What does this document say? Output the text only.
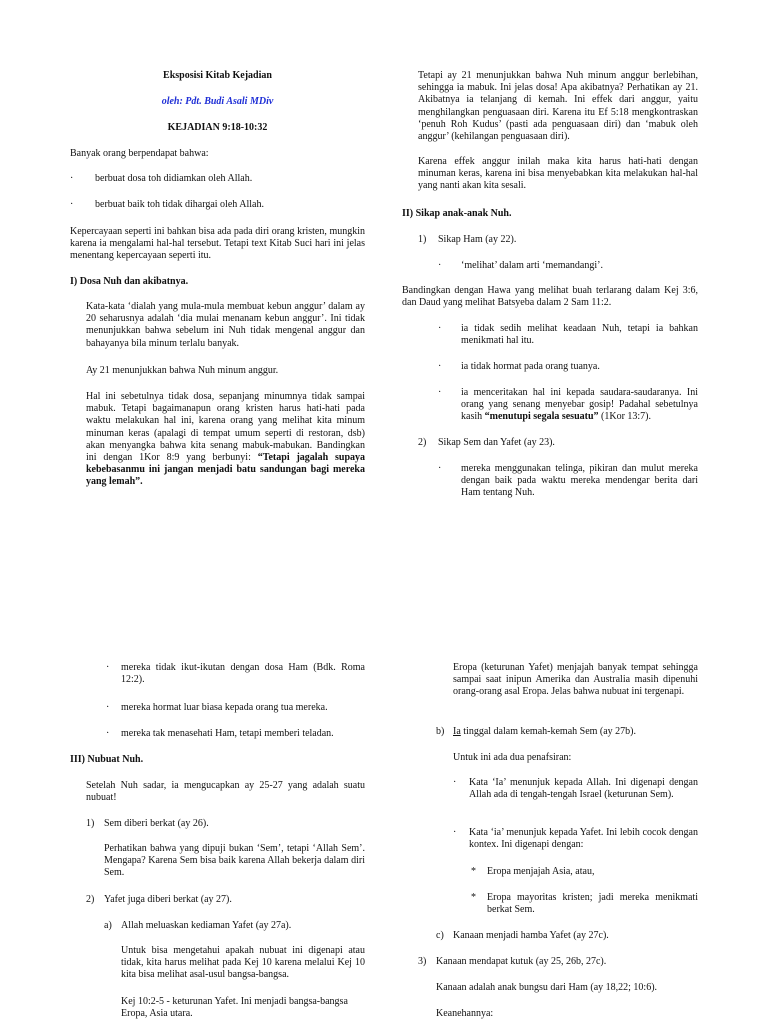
Eksposisi Kitab Kejadian
oleh: Pdt. Budi Asali MDiv
KEJADIAN 9:18-10:32
Banyak orang berpendapat bahwa:
· berbuat dosa toh didiamkan oleh Allah.
· berbuat baik toh tidak dihargai oleh Allah.
Kepercayaan seperti ini bahkan bisa ada pada diri orang kristen, mungkin karena ia mengalami hal-hal tersebut. Tetapi text Kitab Suci hari ini jelas menentang kepercayaan seperti itu.
I) Dosa Nuh dan akibatnya.
Kata-kata ‘dialah yang mula-mula membuat kebun anggur’ dalam ay 20 seharusnya adalah ‘dia mulai menanam kebun anggur’. Ini tidak menunjukkan bahwa sebelum ini Nuh tidak mengenal anggur dan bahayanya bila minum terlalu banyak.
Ay 21 menunjukkan bahwa Nuh minum anggur.
Hal ini sebetulnya tidak dosa, sepanjang minumnya tidak sampai mabuk. Tetapi bagaimanapun orang kristen harus hati-hati pada waktu melakukan hal ini, karena orang yang melihat kita minum minuman keras (apalagi di tempat umum seperti di restoran, dsb) akan menyangka bahwa kita senang mabuk-mabukan. Bandingkan ini dengan 1Kor 8:9 yang berbunyi: “Tetapi jagalah supaya kebebasanmu ini jangan menjadi batu sandungan bagi mereka yang lemah”.
Tetapi ay 21 menunjukkan bahwa Nuh minum anggur berlebihan, sehingga ia mabuk. Ini jelas dosa! Apa akibatnya? Perhatikan ay 21. Akibatnya ia telanjang di kemah. Ini effek dari anggur, yaitu menghilangkan penguasaan diri. Karena itu Ef 5:18 mengkontraskan ‘penuh Roh Kudus’ (pasti ada penguasaan diri) dan ‘mabuk oleh anggur’ (kehilangan penguasaan diri).
Karena effek anggur inilah maka kita harus hati-hati dengan minuman keras, karena ini bisa menyebabkan kita melakukan hal-hal yang nanti akan kita sesali.
II) Sikap anak-anak Nuh.
1) Sikap Ham (ay 22).
· ‘melihat’ dalam arti ‘memandangi’.
Bandingkan dengan Hawa yang melihat buah terlarang dalam Kej 3:6, dan Daud yang melihat Batsyeba dalam 2 Sam 11:2.
· ia tidak sedih melihat keadaan Nuh, tetapi ia bahkan menikmati hal itu.
· ia tidak hormat pada orang tuanya.
· ia menceritakan hal ini kepada saudara-saudaranya. Ini orang yang senang menyebar gosip! Padahal sebetulnya kasih “menutupi segala sesuatu” (1Kor 13:7).
2) Sikap Sem dan Yafet (ay 23).
· mereka menggunakan telinga, pikiran dan mulut mereka dengan baik pada waktu mereka mendengar berita dari Ham tentang Nuh.
· mereka tidak ikut-ikutan dengan dosa Ham (Bdk. Roma 12:2).
· mereka hormat luar biasa kepada orang tua mereka.
· mereka tak menasehati Ham, tetapi memberi teladan.
III) Nubuat Nuh.
Setelah Nuh sadar, ia mengucapkan ay 25-27 yang adalah suatu nubuat!
1) Sem diberi berkat (ay 26).
Perhatikan bahwa yang dipuji bukan ‘Sem’, tetapi ‘Allah Sem’. Mengapa? Karena Sem bisa baik karena Allah bekerja dalam diri Sem.
2) Yafet juga diberi berkat (ay 27).
a) Allah meluaskan kediaman Yafet (ay 27a).
Untuk bisa mengetahui apakah nubuat ini digenapi atau tidak, kita harus melihat pada Kej 10 karena melalui Kej 10 kita bisa melihat asal-usul bangsa-bangsa.
Kej 10:2-5 - keturunan Yafet. Ini menjadi bangsa-bangsa Eropa, Asia utara.
Eropa (keturunan Yafet) menjajah banyak tempat sehingga sampai saat inipun Amerika dan Australia masih dipenuhi orang-orang asal Eropa. Jelas bahwa nubuat ini tergenapi.
b) Ia tinggal dalam kemah-kemah Sem (ay 27b).
Untuk ini ada dua penafsiran:
· Kata ‘Ia’ menunjuk kepada Allah. Ini digenapi dengan Allah ada di tengah-tengah Israel (keturunan Sem).
· Kata ‘ia’ menunjuk kepada Yafet. Ini lebih cocok dengan kontex. Ini digenapi dengan:
* Eropa menjajah Asia, atau,
* Eropa mayoritas kristen; jadi mereka menikmati berkat Sem.
c) Kanaan menjadi hamba Yafet (ay 27c).
3) Kanaan mendapat kutuk (ay 25, 26b, 27c).
Kanaan adalah anak bungsu dari Ham (ay 18,22; 10:6).
Keanehannya:
